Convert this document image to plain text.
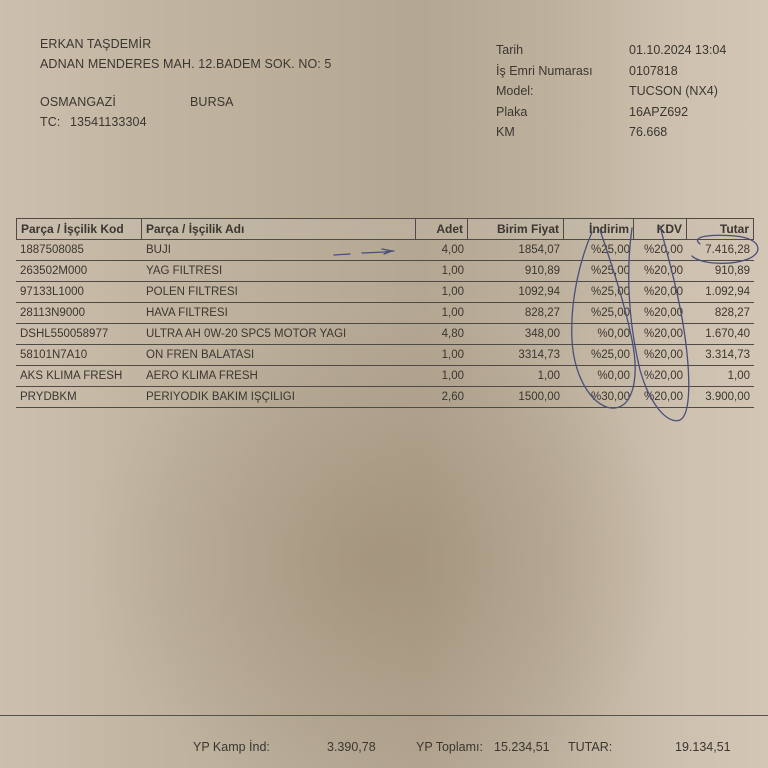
ERKAN TAŞDEMİR
ADNAN MENDERES MAH. 12.BADEM SOK. NO: 5
OSMANGAZİ	BURSA
TC: 13541133304
Tarih	01.10.2024 13:04
İş Emri Numarası	0107818
Model:	TUCSON (NX4)
Plaka	16APZ692
KM	76.668
Parça / İşçilik Kod	Parça / İşçilik Adı	Adet	Birim Fiyat	İndirim	KDV	Tutar
1887508085	BUJI	4,00	1854,07	%25,00	%20,00	7.416,28
263502M000	YAG FILTRESI	1,00	910,89	%25,00	%20,00	910,89
97133L1000	POLEN FILTRESI	1,00	1092,94	%25,00	%20,00	1.092,94
28113N9000	HAVA FILTRESI	1,00	828,27	%25,00	%20,00	828,27
DSHL550058977	ULTRA AH 0W-20 SPC5 MOTOR YAGI	4,80	348,00	%0,00	%20,00	1.670,40
58101N7A10	ON FREN BALATASI	1,00	3314,73	%25,00	%20,00	3.314,73
AKS KLIMA FRESH	AERO KLIMA FRESH	1,00	1,00	%0,00	%20,00	1,00
PRYDBKM	PERİYODİK BAKIM İŞÇİLİĞİ	2,60	1500,00	%30,00	%20,00	3.900,00
YP Kamp İnd:	3.390,78	YP Toplamı: 15.234,51 TUTAR:	19.134,51
